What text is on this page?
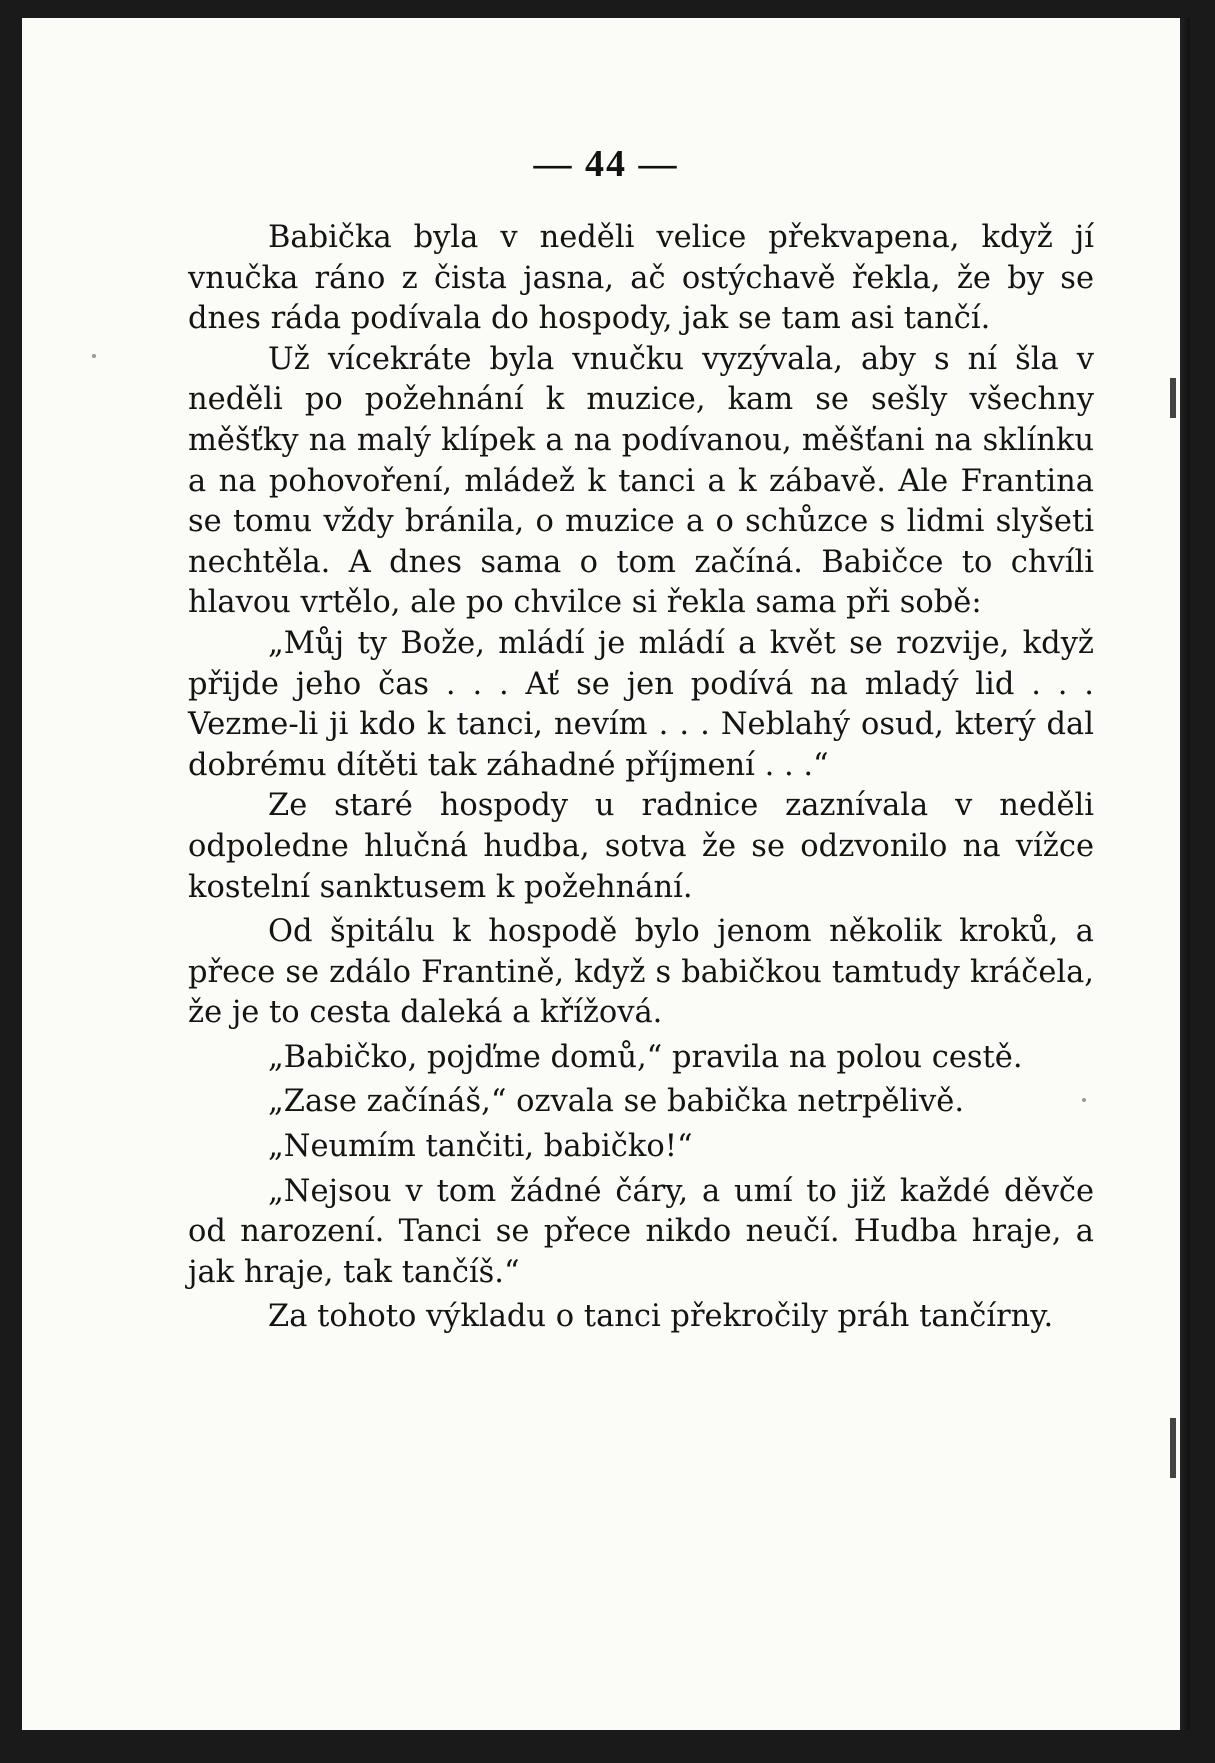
— 44 —

Babička byla v neděli velice překvapena, když jí vnučka ráno z čista jasna, ač ostýchavě řekla, že by se dnes ráda podívala do hospody, jak se tam asi tančí.

Už vícekráte byla vnučku vyzývala, aby s ní šla v neděli po požehnání k muzice, kam se sešly všechny měšťky na malý klípek a na podívanou, měšťani na sklínku a na pohovoření, mládež k tanci a k zábavě. Ale Frantina se tomu vždy bránila, o muzice a o schůzce s lidmi slyšeti nechtěla. A dnes sama o tom začíná. Babičce to chvíli hlavou vrtělo, ale po chvilce si řekla sama při sobě:

„Můj ty Bože, mládí je mládí a květ se rozvije, když přijde jeho čas . . . Ať se jen podívá na mladý lid . . . Vezme-li ji kdo k tanci, nevím . . . Neblahý osud, který dal dobrému dítěti tak záhadné příjmení . . .“

Ze staré hospody u radnice zaznívala v neděli odpoledne hlučná hudba, sotva že se odzvonilo na vížce kostelní sanktusem k požehnání.

Od špitálu k hospodě bylo jenom několik kroků, a přece se zdálo Frantině, když s babičkou tamtudy kráčela, že je to cesta daleká a křížová.

„Babičko, pojďme domů,“ pravila na polou cestě.

„Zase začínáš,“ ozvala se babička netrpělivě.

„Neumím tančiti, babičko!“

„Nejsou v tom žádné čáry, a umí to již každé děvče od narození. Tanci se přece nikdo neučí. Hudba hraje, a jak hraje, tak tančíš.“

Za tohoto výkladu o tanci překročily práh tančírny.
